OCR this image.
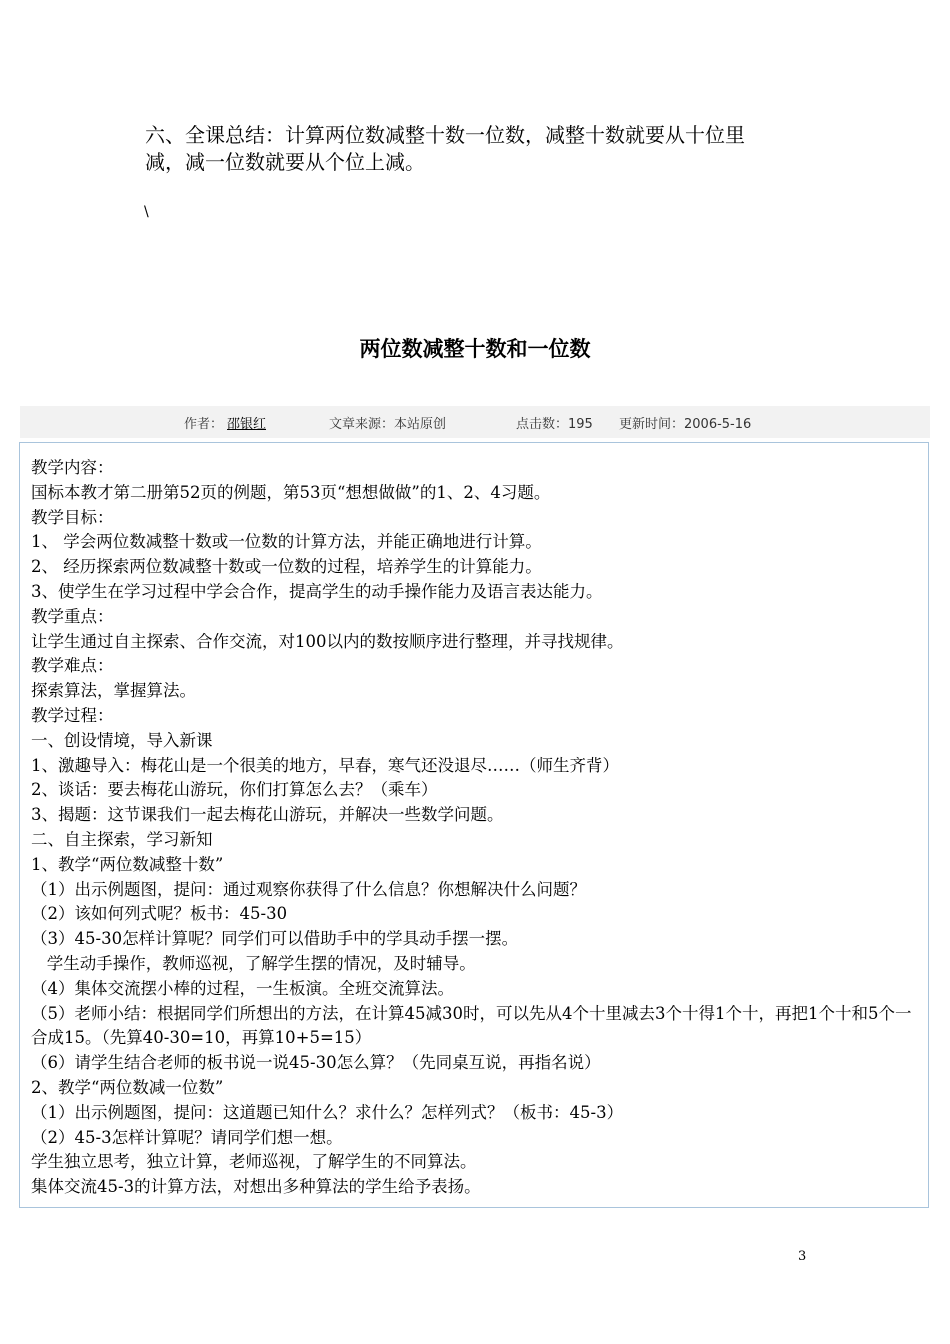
六、全课总结：计算两位数减整十数一位数，减整十数就要从十位里
减，减一位数就要从个位上减。
\
两位数减整十数和一位数
作者： 邵银红	文章来源：本站原创	点击数：195 更新时间：2006-5-16
教学内容：
国标本教才第二册第52页的例题，第53页“想想做做”的1、2、4习题。
教学目标：
1、 学会两位数减整十数或一位数的计算方法，并能正确地进行计算。
2、 经历探索两位数减整十数或一位数的过程，培养学生的计算能力。
3、使学生在学习过程中学会合作，提高学生的动手操作能力及语言表达能力。
教学重点：
让学生通过自主探索、合作交流，对100以内的数按顺序进行整理，并寻找规律。
教学难点：
探索算法，掌握算法。
教学过程：
一、创设情境，导入新课
1、激趣导入：梅花山是一个很美的地方，早春，寒气还没退尽……（师生齐背）
2、谈话：要去梅花山游玩，你们打算怎么去？（乘车）
3、揭题：这节课我们一起去梅花山游玩，并解决一些数学问题。
二、自主探索，学习新知
1、教学“两位数减整十数”
（1）出示例题图，提问：通过观察你获得了什么信息？你想解决什么问题？
（2）该如何列式呢？板书：45-30
（3）45-30怎样计算呢？同学们可以借助手中的学具动手摆一摆。
学生动手操作，教师巡视，了解学生摆的情况，及时辅导。
（4）集体交流摆小棒的过程，一生板演。全班交流算法。
（5）老师小结：根据同学们所想出的方法，在计算45减30时，可以先从4个十里减去3个十得1个十，再把1个十和5个一合成15。（先算40-30=10，再算10+5=15）
（6）请学生结合老师的板书说一说45-30怎么算？（先同桌互说，再指名说）
2、教学“两位数减一位数”
（1）出示例题图，提问：这道题已知什么？求什么？怎样列式？（板书：45-3）
（2）45-3怎样计算呢？请同学们想一想。
学生独立思考，独立计算，老师巡视，了解学生的不同算法。
集体交流45-3的计算方法，对想出多种算法的学生给予表扬。
3
